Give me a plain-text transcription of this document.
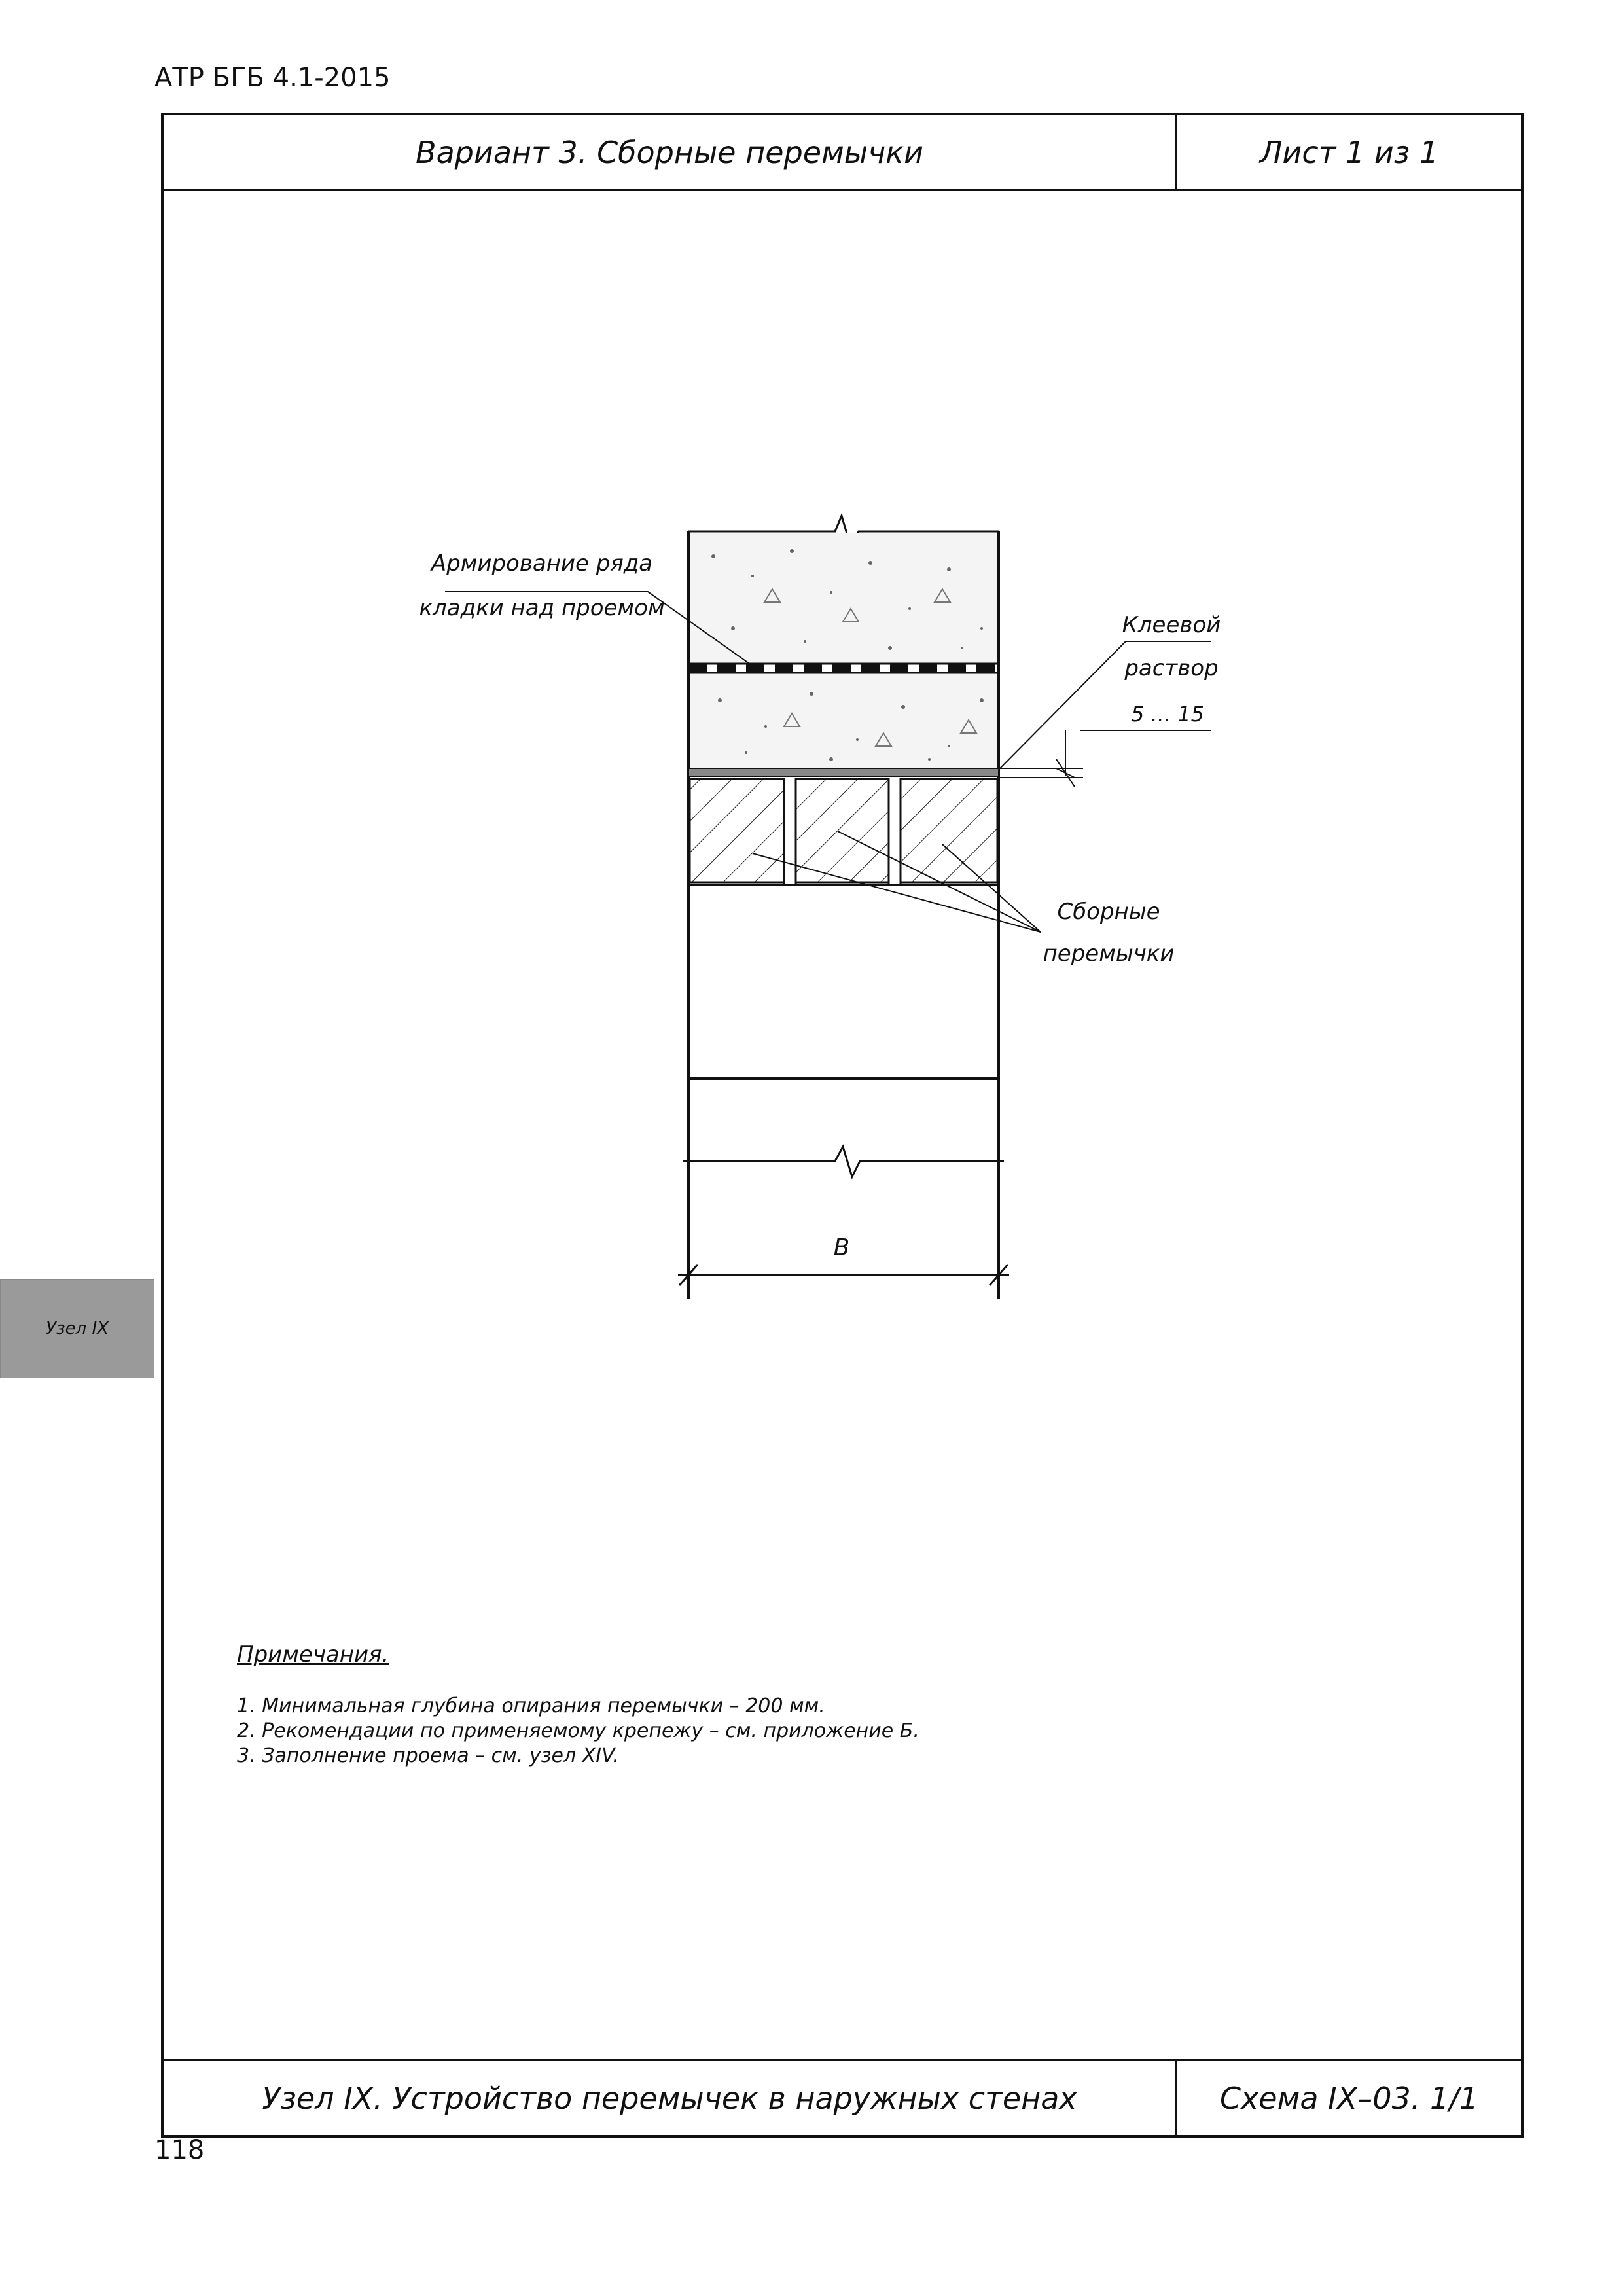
АТР БГБ 4.1-2015
Узел IX
Вариант 3. Сборные перемычки	Лист 1 из 1
Узел IX. Устройство перемычек в наружных стенах	Схема IX–03. 1/1
Армирование ряда
кладки над проемом
Клеевой
раствор
5 ... 15
Сборные
перемычки
B
Примечания.
1. Минимальная глубина опирания перемычки – 200 мм.
2. Рекомендации по применяемому крепежу – см. приложение Б.
3. Заполнение проема – см. узел XIV.
118
